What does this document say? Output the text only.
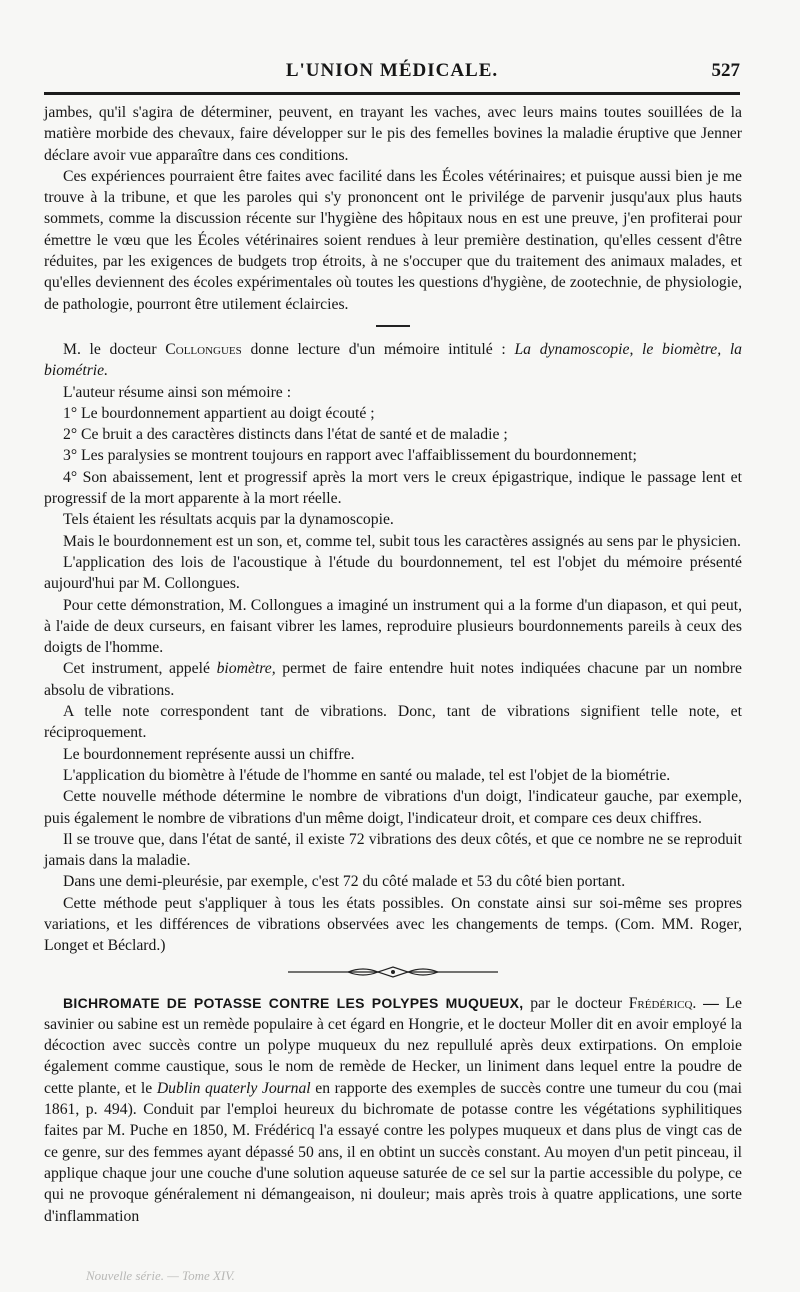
L'UNION MÉDICALE.	527

jambes, qu'il s'agira de déterminer, peuvent, en trayant les vaches, avec leurs mains toutes souillées de la matière morbide des chevaux, faire développer sur le pis des femelles bovines la maladie éruptive que Jenner déclare avoir vue apparaître dans ces conditions.

Ces expériences pourraient être faites avec facilité dans les Écoles vétérinaires; et puisque aussi bien je me trouve à la tribune, et que les paroles qui s'y prononcent ont le privilége de parvenir jusqu'aux plus hauts sommets, comme la discussion récente sur l'hygiène des hôpitaux nous en est une preuve, j'en profiterai pour émettre le vœu que les Écoles vétérinaires soient rendues à leur première destination, qu'elles cessent d'être réduites, par les exigences de budgets trop étroits, à ne s'occuper que du traitement des animaux malades, et qu'elles deviennent des écoles expérimentales où toutes les questions d'hygiène, de zootechnie, de physiologie, de pathologie, pourront être utilement éclaircies.

M. le docteur Collongues donne lecture d'un mémoire intitulé : La dynamoscopie, le biomètre, la biométrie.

L'auteur résume ainsi son mémoire :

1° Le bourdonnement appartient au doigt écouté ;

2° Ce bruit a des caractères distincts dans l'état de santé et de maladie ;

3° Les paralysies se montrent toujours en rapport avec l'affaiblissement du bourdonnement;

4° Son abaissement, lent et progressif après la mort vers le creux épigastrique, indique le passage lent et progressif de la mort apparente à la mort réelle.

Tels étaient les résultats acquis par la dynamoscopie.

Mais le bourdonnement est un son, et, comme tel, subit tous les caractères assignés au sens par le physicien.

L'application des lois de l'acoustique à l'étude du bourdonnement, tel est l'objet du mémoire présenté aujourd'hui par M. Collongues.

Pour cette démonstration, M. Collongues a imaginé un instrument qui a la forme d'un diapason, et qui peut, à l'aide de deux curseurs, en faisant vibrer les lames, reproduire plusieurs bourdonnements pareils à ceux des doigts de l'homme.

Cet instrument, appelé biomètre, permet de faire entendre huit notes indiquées chacune par un nombre absolu de vibrations.

A telle note correspondent tant de vibrations. Donc, tant de vibrations signifient telle note, et réciproquement.

Le bourdonnement représente aussi un chiffre.

L'application du biomètre à l'étude de l'homme en santé ou malade, tel est l'objet de la biométrie.

Cette nouvelle méthode détermine le nombre de vibrations d'un doigt, l'indicateur gauche, par exemple, puis également le nombre de vibrations d'un même doigt, l'indicateur droit, et compare ces deux chiffres.

Il se trouve que, dans l'état de santé, il existe 72 vibrations des deux côtés, et que ce nombre ne se reproduit jamais dans la maladie.

Dans une demi-pleurésie, par exemple, c'est 72 du côté malade et 53 du côté bien portant.

Cette méthode peut s'appliquer à tous les états possibles. On constate ainsi sur soi-même ses propres variations, et les différences de vibrations observées avec les changements de temps. (Com. MM. Roger, Longet et Béclard.)

BICHROMATE DE POTASSE CONTRE LES POLYPES MUQUEUX, par le docteur Frédéricq. — Le savinier ou sabine est un remède populaire à cet égard en Hongrie, et le docteur Moller dit en avoir employé la décoction avec succès contre un polype muqueux du nez repullulé après deux extirpations. On emploie également comme caustique, sous le nom de remède de Hecker, un liniment dans lequel entre la poudre de cette plante, et le Dublin quaterly Journal en rapporte des exemples de succès contre une tumeur du cou (mai 1861, p. 494). Conduit par l'emploi heureux du bichromate de potasse contre les végétations syphilitiques faites par M. Puche en 1850, M. Frédéricq l'a essayé contre les polypes muqueux et dans plus de vingt cas de ce genre, sur des femmes ayant dépassé 50 ans, il en obtint un succès constant. Au moyen d'un petit pinceau, il applique chaque jour une couche d'une solution aqueuse saturée de ce sel sur la partie accessible du polype, ce qui ne provoque généralement ni démangeaison, ni douleur; mais après trois à quatre applications, une sorte d'inflammation

Nouvelle série. — Tome XIV.
